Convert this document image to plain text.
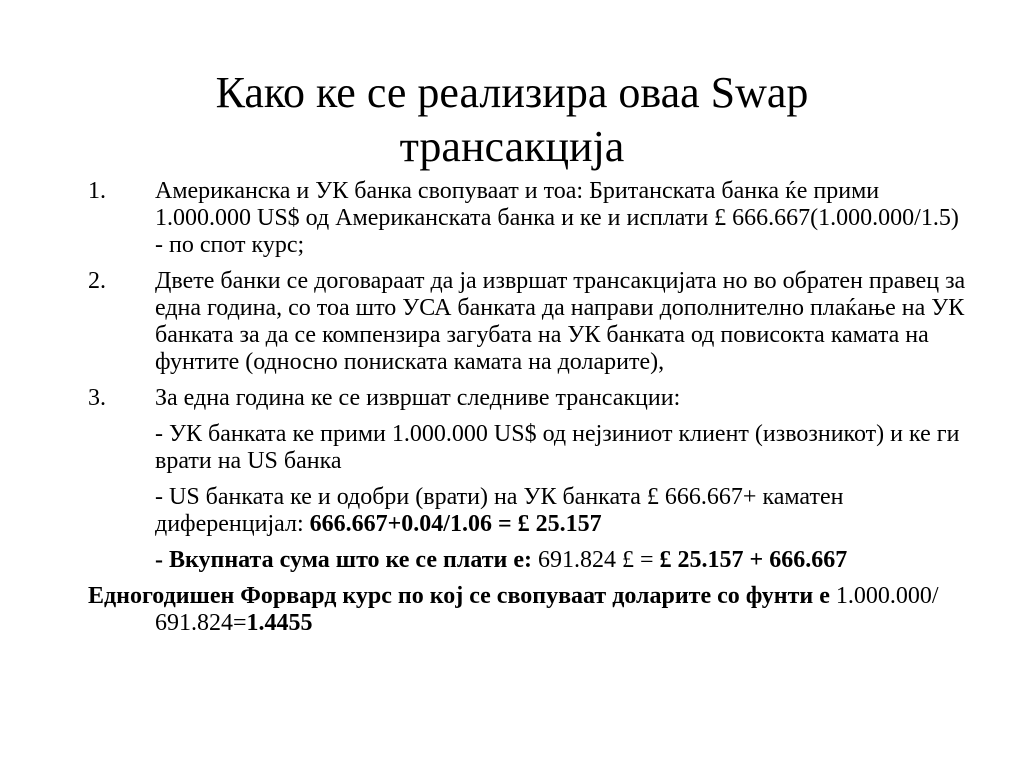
Како ке се реализира оваа Swap
трансакција
1.	Американска и УК банка свопуваат и тоа: Британската банка ќе прими 1.000.000 US$ од Американската банка и ке и исплати £ 666.667(1.000.000/1.5) - по спот курс;
2.	Двете банки се договараат да ја извршат трансакцијата но во обратен правец за една година, со тоа што УСА банката да направи дополнително плаќање на УК банката за да се компензира загубата на УК банката од повисокта камата на фунтите (односно пониската камата на доларите),
3.	За една година ке се извршат следниве трансакции:
- УК банката ке прими 1.000.000 US$ од нејзиниот клиент (извозникот) и ке ги врати на US банка
- US банката ке и одобри (врати) на УК банката £ 666.667+ каматен диференцијал: 666.667+0.04/1.06 = £ 25.157
- Вкупната сума што ке се плати е: 691.824 £ = £ 25.157 + 666.667
Едногодишен Форвард курс по кој се свопуваат доларите со фунти е 1.000.000/ 691.824=1.4455
